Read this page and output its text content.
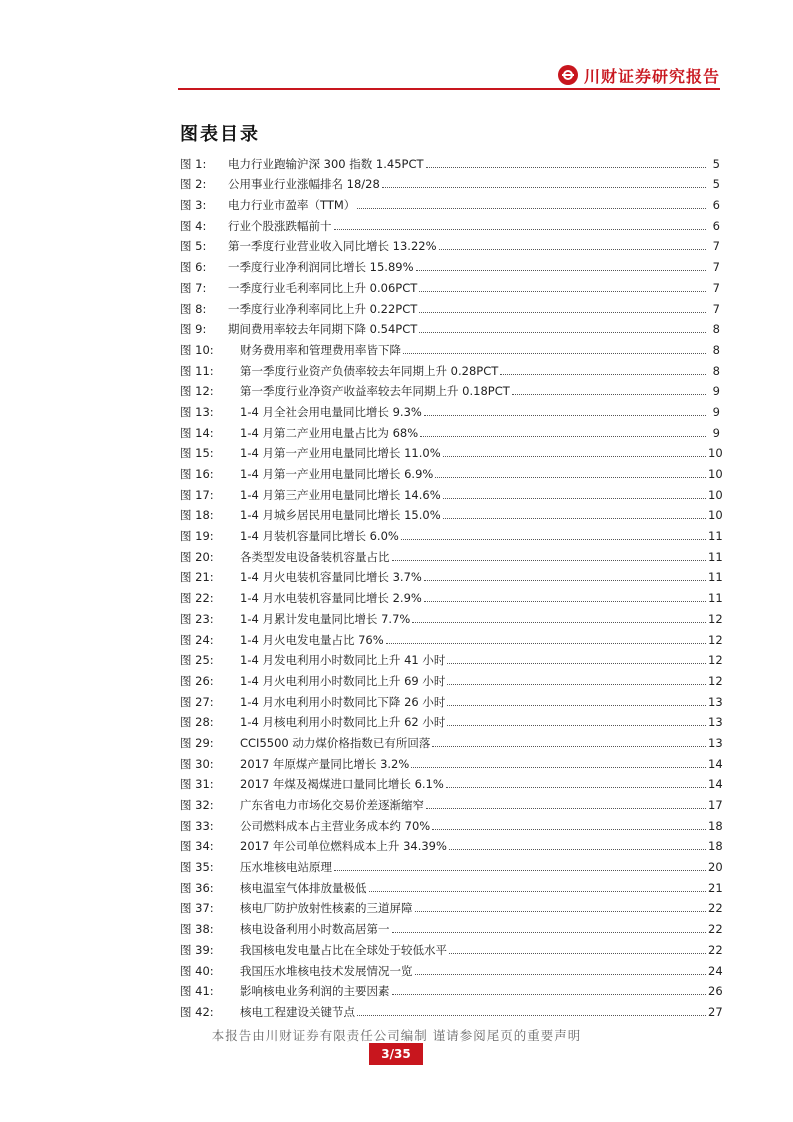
川财证券研究报告
图表目录
图 1:	电力行业跑输沪深 300 指数 1.45PCT	5
图 2:	公用事业行业涨幅排名 18/28	5
图 3:	电力行业市盈率（TTM）	6
图 4:	行业个股涨跌幅前十	6
图 5:	第一季度行业营业收入同比增长 13.22%	7
图 6:	一季度行业净利润同比增长 15.89%	7
图 7:	一季度行业毛利率同比上升 0.06PCT	7
图 8:	一季度行业净利率同比上升 0.22PCT	7
图 9:	期间费用率较去年同期下降 0.54PCT	8
图 10:	财务费用率和管理费用率皆下降	8
图 11:	第一季度行业资产负债率较去年同期上升 0.28PCT	8
图 12:	第一季度行业净资产收益率较去年同期上升 0.18PCT	9
图 13:	1-4 月全社会用电量同比增长 9.3%	9
图 14:	1-4 月第二产业用电量占比为 68%	9
图 15:	1-4 月第一产业用电量同比增长 11.0%	10
图 16:	1-4 月第一产业用电量同比增长 6.9%	10
图 17:	1-4 月第三产业用电量同比增长 14.6%	10
图 18:	1-4 月城乡居民用电量同比增长 15.0%	10
图 19:	1-4 月装机容量同比增长 6.0%	11
图 20:	各类型发电设备装机容量占比	11
图 21:	1-4 月火电装机容量同比增长 3.7%	11
图 22:	1-4 月水电装机容量同比增长 2.9%	11
图 23:	1-4 月累计发电量同比增长 7.7%	12
图 24:	1-4 月火电发电量占比 76%	12
图 25:	1-4 月发电利用小时数同比上升 41 小时	12
图 26:	1-4 月火电利用小时数同比上升 69 小时	12
图 27:	1-4 月水电利用小时数同比下降 26 小时	13
图 28:	1-4 月核电利用小时数同比上升 62 小时	13
图 29:	CCI5500 动力煤价格指数已有所回落	13
图 30:	2017 年原煤产量同比增长 3.2%	14
图 31:	2017 年煤及褐煤进口量同比增长 6.1%	14
图 32:	广东省电力市场化交易价差逐渐缩窄	17
图 33:	公司燃料成本占主营业务成本约 70%	18
图 34:	2017 年公司单位燃料成本上升 34.39%	18
图 35:	压水堆核电站原理	20
图 36:	核电温室气体排放量极低	21
图 37:	核电厂防护放射性核素的三道屏障	22
图 38:	核电设备利用小时数高居第一	22
图 39:	我国核电发电量占比在全球处于较低水平	22
图 40:	我国压水堆核电技术发展情况一览	24
图 41:	影响核电业务利润的主要因素	26
图 42:	核电工程建设关键节点	27
本报告由川财证券有限责任公司编制 谨请参阅尾页的重要声明
3/35
